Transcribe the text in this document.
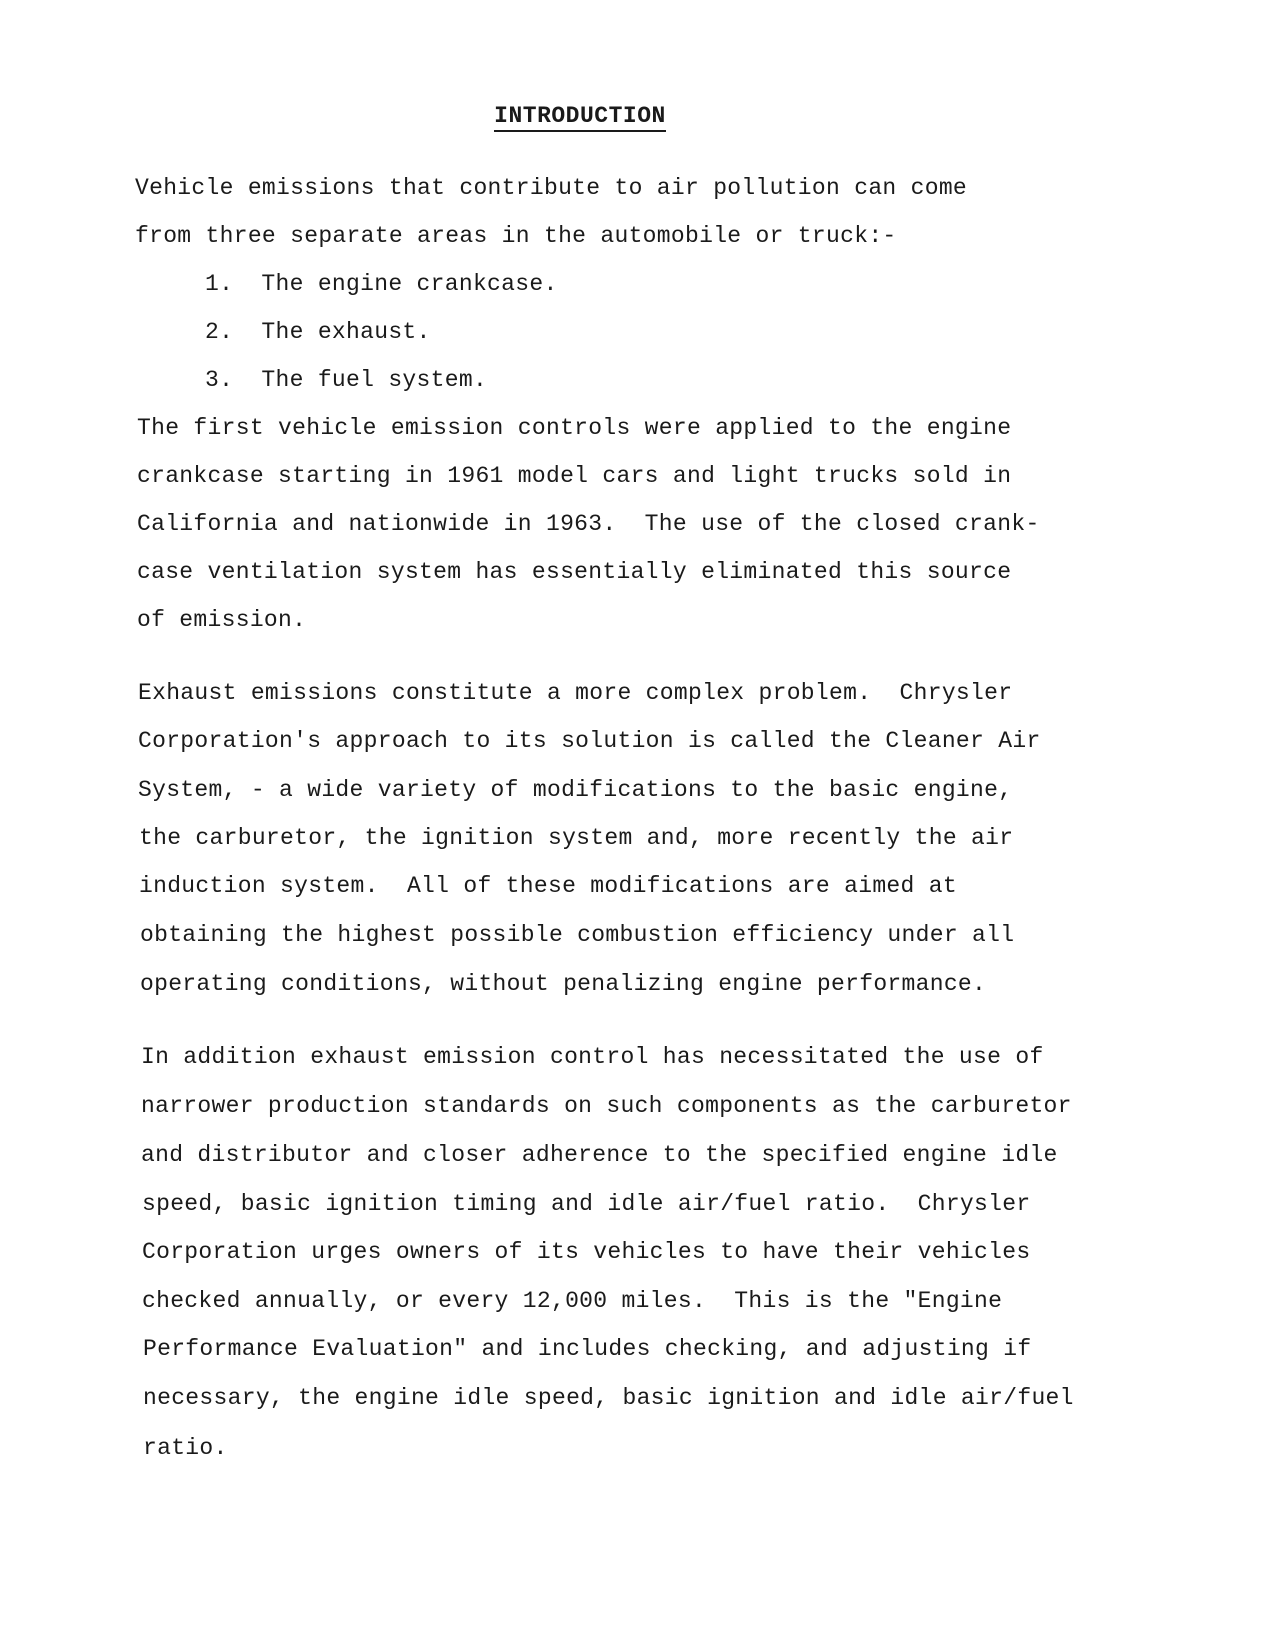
INTRODUCTION
Vehicle emissions that contribute to air pollution can come
from three separate areas in the automobile or truck:-
1.  The engine crankcase.
2.  The exhaust.
3.  The fuel system.
The first vehicle emission controls were applied to the engine
crankcase starting in 1961 model cars and light trucks sold in
California and nationwide in 1963.  The use of the closed crank-
case ventilation system has essentially eliminated this source
of emission.
Exhaust emissions constitute a more complex problem.  Chrysler
Corporation's approach to its solution is called the Cleaner Air
System, - a wide variety of modifications to the basic engine,
the carburetor, the ignition system and, more recently the air
induction system.  All of these modifications are aimed at
obtaining the highest possible combustion efficiency under all
operating conditions, without penalizing engine performance.
In addition exhaust emission control has necessitated the use of
narrower production standards on such components as the carburetor
and distributor and closer adherence to the specified engine idle
speed, basic ignition timing and idle air/fuel ratio.  Chrysler
Corporation urges owners of its vehicles to have their vehicles
checked annually, or every 12,000 miles.  This is the "Engine
Performance Evaluation" and includes checking, and adjusting if
necessary, the engine idle speed, basic ignition and idle air/fuel
ratio.
